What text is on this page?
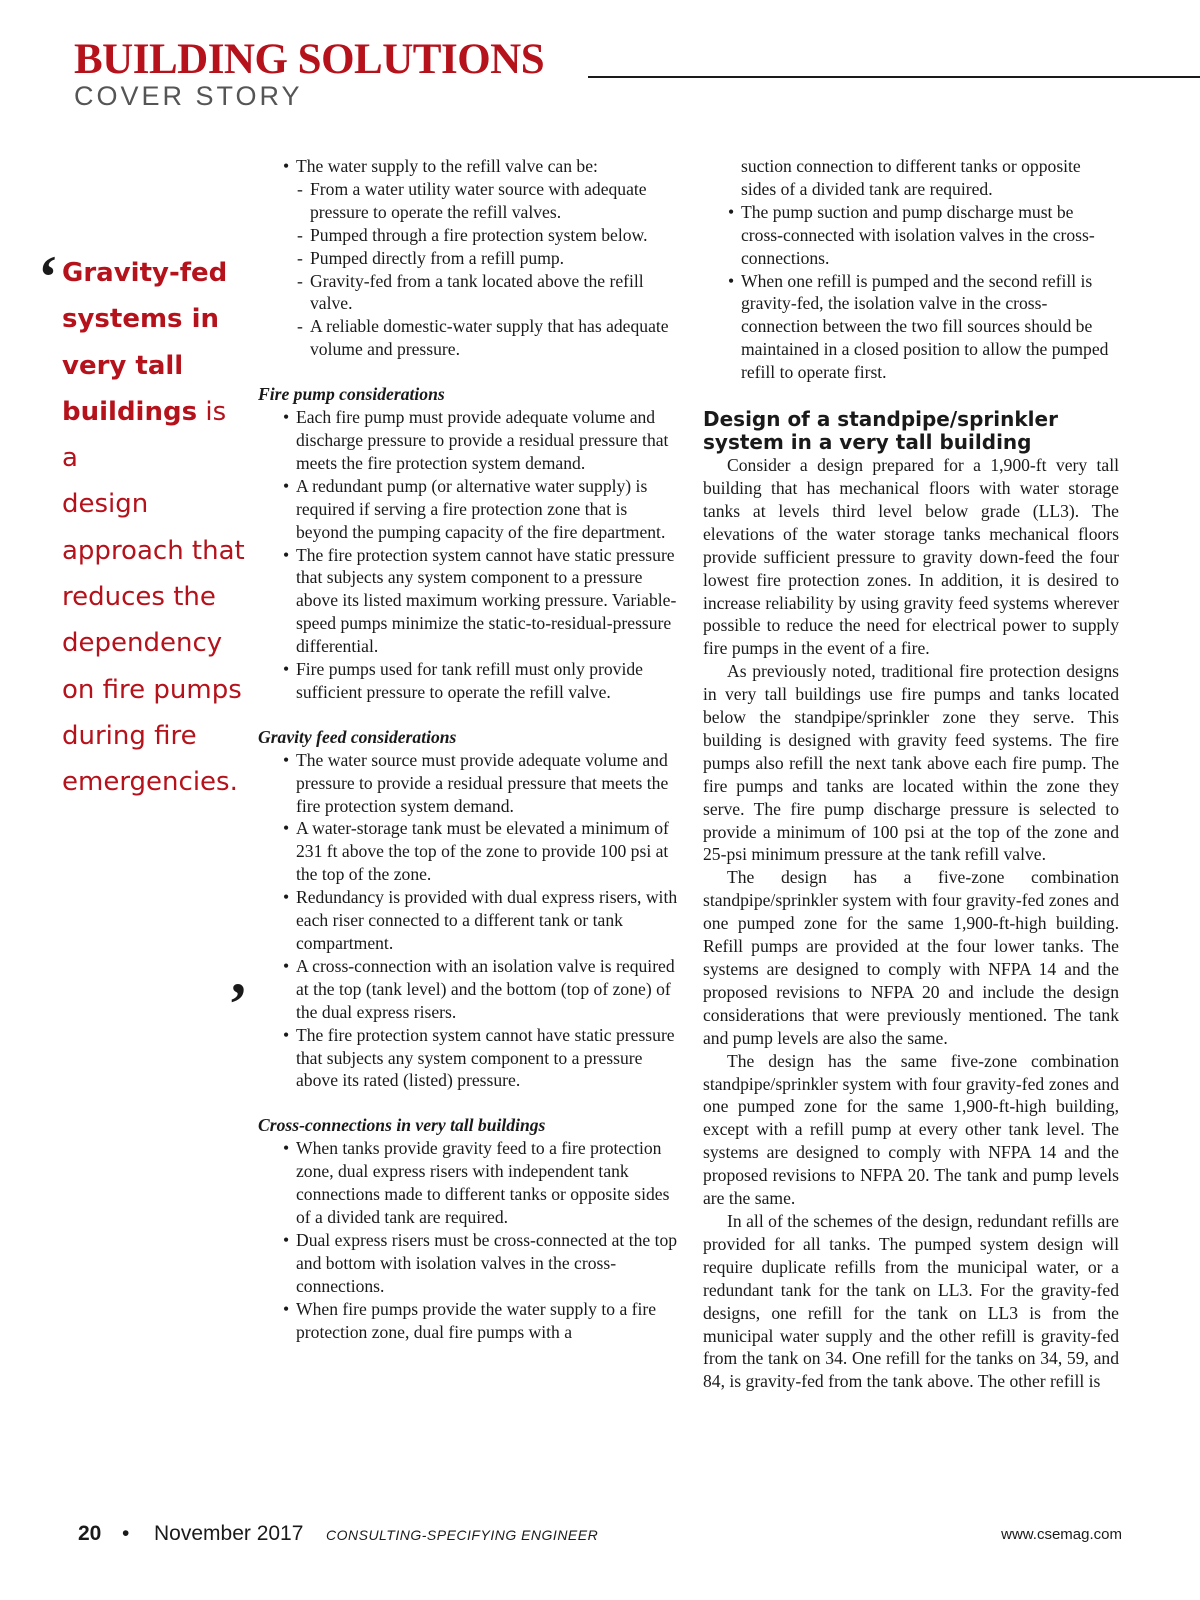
BUILDING SOLUTIONS
COVER STORY
‘ Gravity-fed
systems in
very tall
buildings is a
design
approach that
reduces the
dependency
on fire pumps
during fire
emergencies.
’

• The water supply to the refill valve can be:

- From a water utility water source with adequate pressure to operate the refill valves.

- Pumped through a fire protection system below.

- Pumped directly from a refill pump.

- Gravity-fed from a tank located above the refill valve.

- A reliable domestic-water supply that has adequate volume and pressure.

Fire pump considerations

• Each fire pump must provide adequate volume and discharge pressure to provide a residual pressure that meets the fire protection system demand.

• A redundant pump (or alternative water supply) is required if serving a fire protection zone that is beyond the pumping capacity of the fire department.

• The fire protection system cannot have static pressure that subjects any system component to a pressure above its listed maximum working pressure. Variable-speed pumps minimize the static-to-residual-pressure differential.

• Fire pumps used for tank refill must only provide sufficient pressure to operate the refill valve.

Gravity feed considerations

• The water source must provide adequate volume and pressure to provide a residual pressure that meets the fire protection system demand.

• A water-storage tank must be elevated a minimum of 231 ft above the top of the zone to provide 100 psi at the top of the zone.

• Redundancy is provided with dual express risers, with each riser connected to a different tank or tank compartment.

• A cross-connection with an isolation valve is required at the top (tank level) and the bottom (top of zone) of the dual express risers.

• The fire protection system cannot have static pressure that subjects any system component to a pressure above its rated (listed) pressure.

Cross-connections in very tall buildings

• When tanks provide gravity feed to a fire protection zone, dual express risers with independent tank connections made to different tanks or opposite sides of a divided tank are required.

• Dual express risers must be cross-connected at the top and bottom with isolation valves in the cross-connections.

• When fire pumps provide the water supply to a fire protection zone, dual fire pumps with a

suction connection to different tanks or opposite sides of a divided tank are required.

• The pump suction and pump discharge must be cross-connected with isolation valves in the cross-connections.

• When one refill is pumped and the second refill is gravity-fed, the isolation valve in the cross-connection between the two fill sources should be maintained in a closed position to allow the pumped refill to operate first.

Design of a standpipe/sprinkler system in a very tall building

Consider a design prepared for a 1,900-ft very tall building that has mechanical floors with water storage tanks at levels third level below grade (LL3). The elevations of the water storage tanks mechanical floors provide sufficient pressure to gravity down-feed the four lowest fire protection zones. In addition, it is desired to increase reliability by using gravity feed systems wherever possible to reduce the need for electrical power to supply fire pumps in the event of a fire.

As previously noted, traditional fire protection designs in very tall buildings use fire pumps and tanks located below the standpipe/sprinkler zone they serve. This building is designed with gravity feed systems. The fire pumps also refill the next tank above each fire pump. The fire pumps and tanks are located within the zone they serve. The fire pump discharge pressure is selected to provide a minimum of 100 psi at the top of the zone and 25-psi minimum pressure at the tank refill valve.

The design has a five-zone combination standpipe/sprinkler system with four gravity-fed zones and one pumped zone for the same 1,900-ft-high building. Refill pumps are provided at the four lower tanks. The systems are designed to comply with NFPA 14 and the proposed revisions to NFPA 20 and include the design considerations that were previously mentioned. The tank and pump levels are also the same.

The design has the same five-zone combination standpipe/sprinkler system with four gravity-fed zones and one pumped zone for the same 1,900-ft-high building, except with a refill pump at every other tank level. The systems are designed to comply with NFPA 14 and the proposed revisions to NFPA 20. The tank and pump levels are the same.

In all of the schemes of the design, redundant refills are provided for all tanks. The pumped system design will require duplicate refills from the municipal water, or a redundant tank for the tank on LL3. For the gravity-fed designs, one refill for the tank on LL3 is from the municipal water supply and the other refill is gravity-fed from the tank on 34. One refill for the tanks on 34, 59, and 84, is gravity-fed from the tank above. The other refill is

20 • November 2017 CONSULTING-SPECIFYING ENGINEER	www.csemag.com
